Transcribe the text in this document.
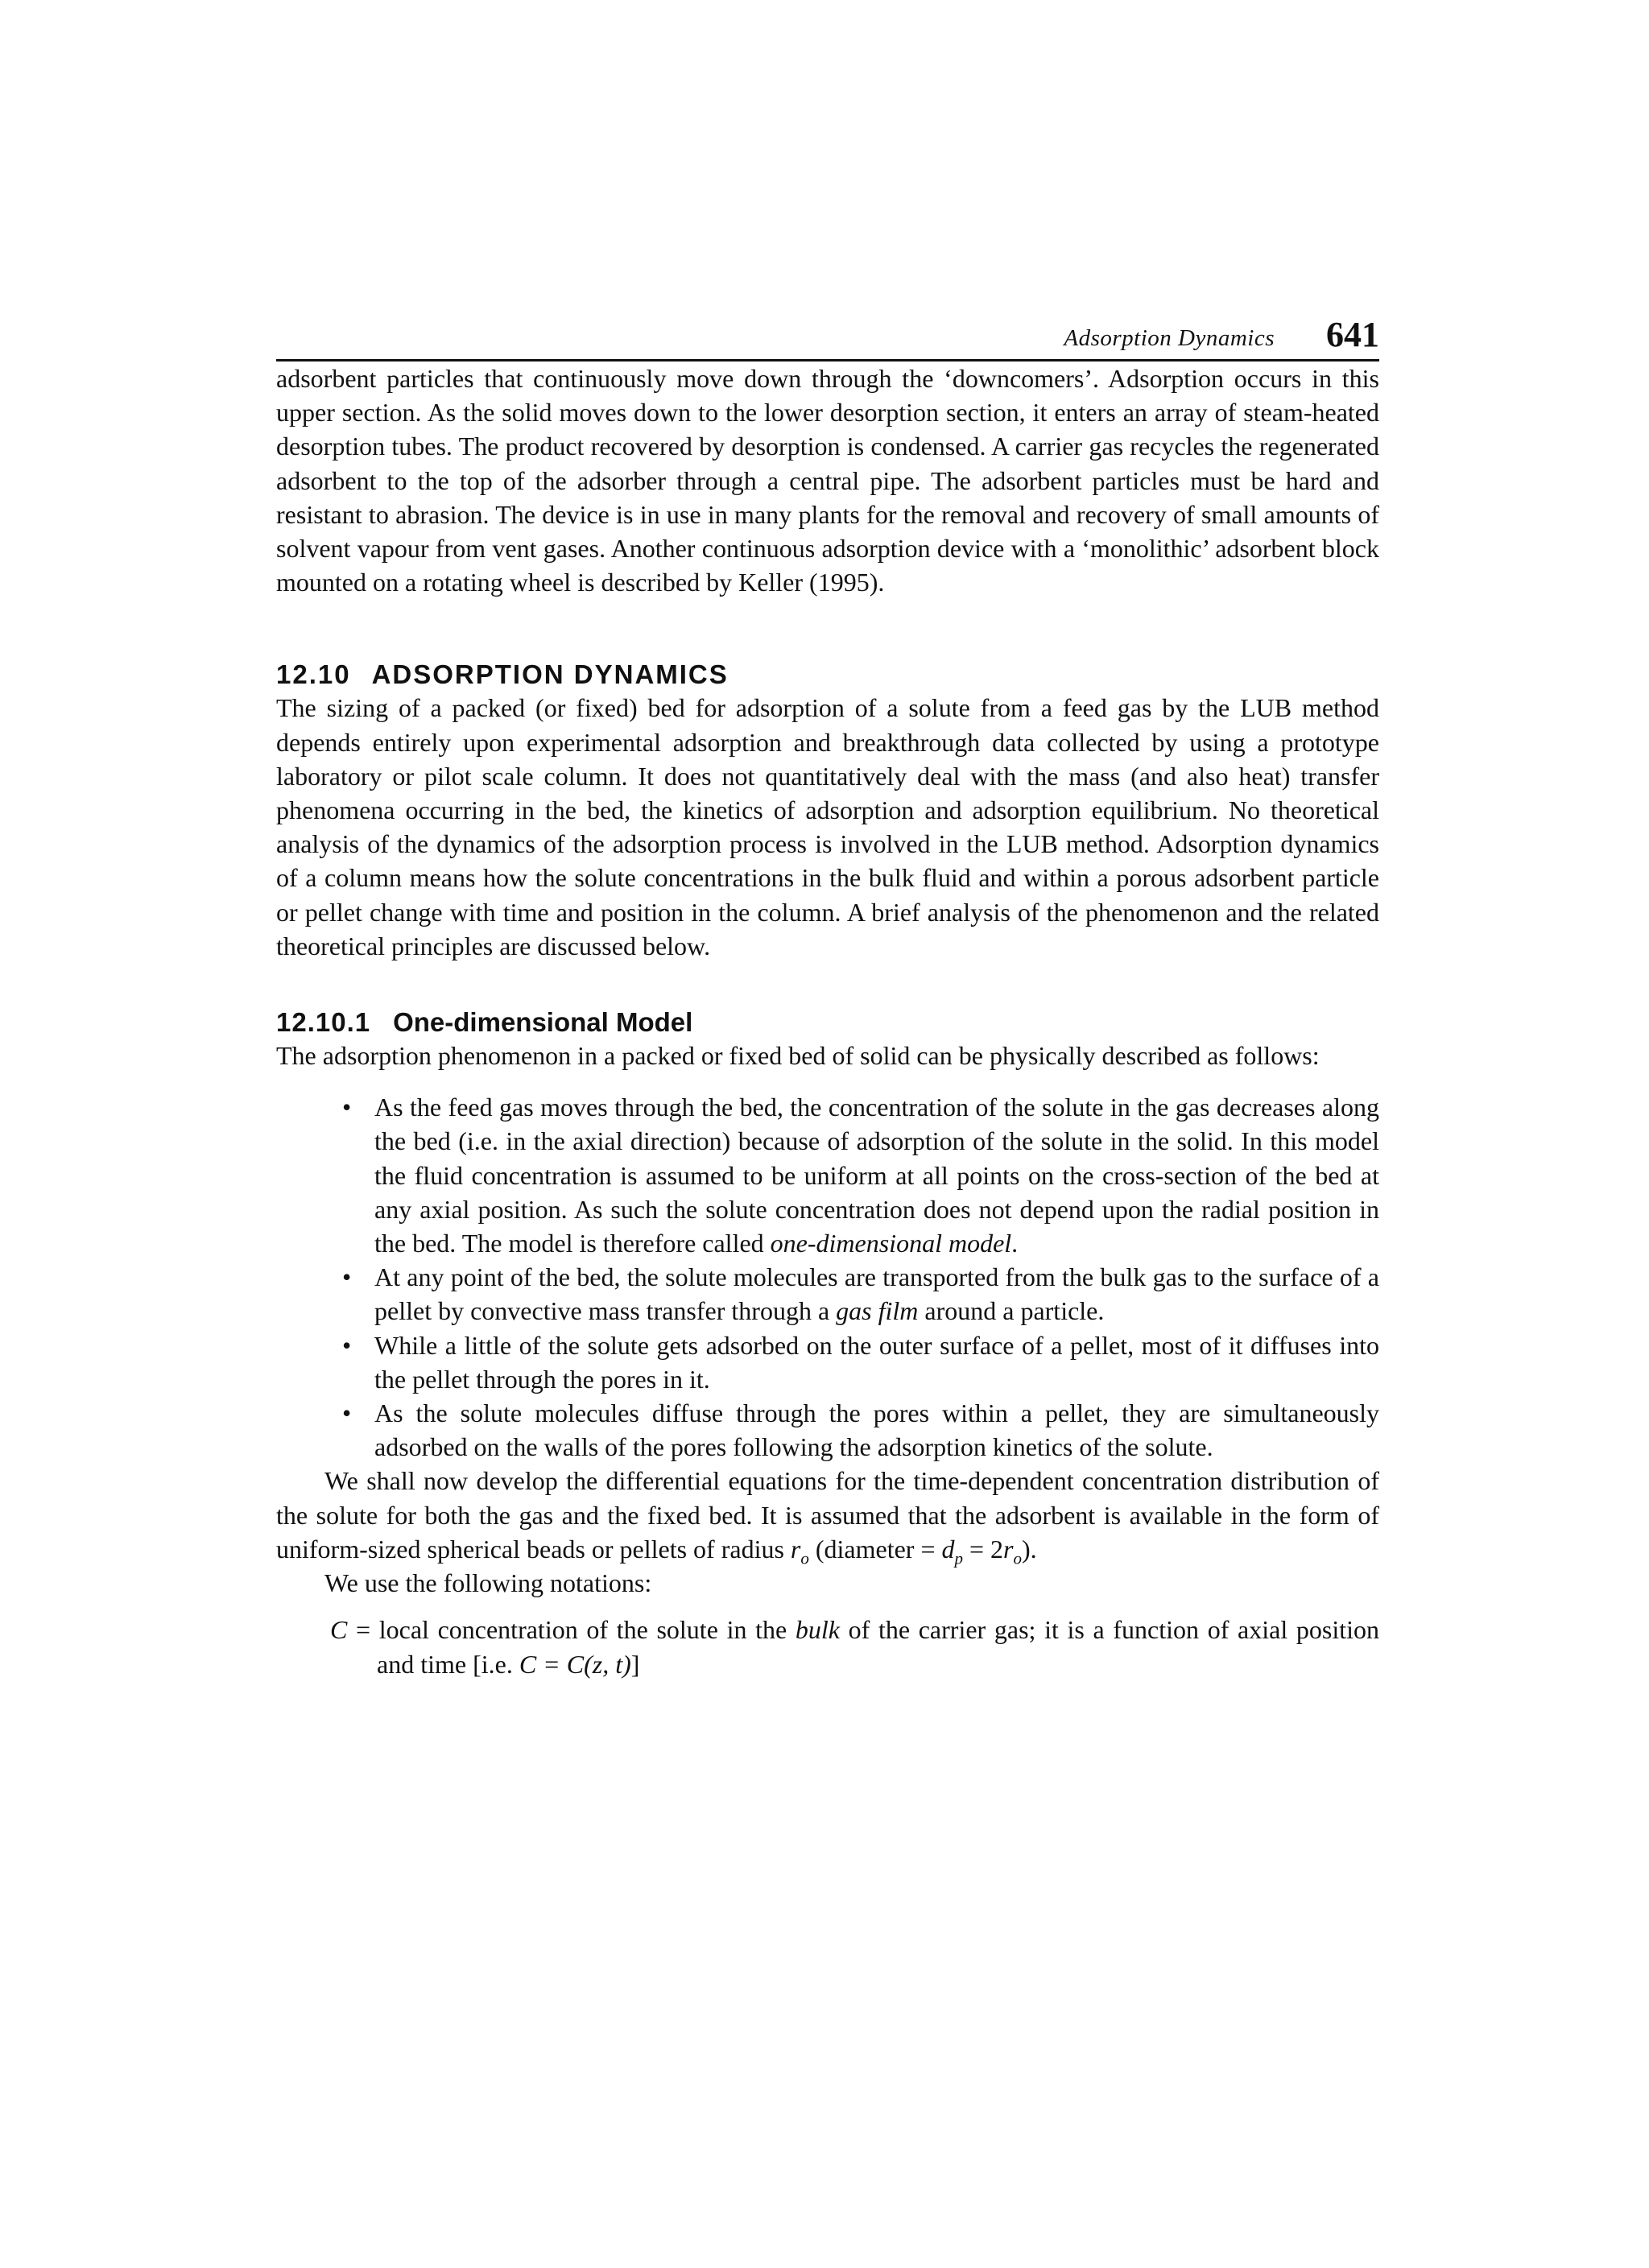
Adsorption Dynamics 641

adsorbent particles that continuously move down through the ‘downcomers’. Adsorption occurs in this upper section. As the solid moves down to the lower desorption section, it enters an array of steam-heated desorption tubes. The product recovered by desorption is condensed. A carrier gas recycles the regenerated adsorbent to the top of the adsorber through a central pipe. The adsorbent particles must be hard and resistant to abrasion. The device is in use in many plants for the removal and recovery of small amounts of solvent vapour from vent gases. Another continuous adsorption device with a ‘monolithic’ adsorbent block mounted on a rotating wheel is described by Keller (1995).

12.10 ADSORPTION DYNAMICS

The sizing of a packed (or fixed) bed for adsorption of a solute from a feed gas by the LUB method depends entirely upon experimental adsorption and breakthrough data collected by using a prototype laboratory or pilot scale column. It does not quantitatively deal with the mass (and also heat) transfer phenomena occurring in the bed, the kinetics of adsorption and adsorption equilibrium. No theoretical analysis of the dynamics of the adsorption process is involved in the LUB method. Adsorption dynamics of a column means how the solute concentrations in the bulk fluid and within a porous adsorbent particle or pellet change with time and position in the column. A brief analysis of the phenomenon and the related theoretical principles are discussed below.

12.10.1 One-dimensional Model

The adsorption phenomenon in a packed or fixed bed of solid can be physically described as follows:

• As the feed gas moves through the bed, the concentration of the solute in the gas decreases along the bed (i.e. in the axial direction) because of adsorption of the solute in the solid. In this model the fluid concentration is assumed to be uniform at all points on the cross-section of the bed at any axial position. As such the solute concentration does not depend upon the radial position in the bed. The model is therefore called one-dimensional model.
• At any point of the bed, the solute molecules are transported from the bulk gas to the surface of a pellet by convective mass transfer through a gas film around a particle.
• While a little of the solute gets adsorbed on the outer surface of a pellet, most of it diffuses into the pellet through the pores in it.
• As the solute molecules diffuse through the pores within a pellet, they are simultaneously adsorbed on the walls of the pores following the adsorption kinetics of the solute.

We shall now develop the differential equations for the time-dependent concentration distribution of the solute for both the gas and the fixed bed. It is assumed that the adsorbent is available in the form of uniform-sized spherical beads or pellets of radius $r_o$ (diameter = $d_p = 2r_o$).

We use the following notations:

C = local concentration of the solute in the bulk of the carrier gas; it is a function of axial position and time [i.e. C = C(z, t)]
